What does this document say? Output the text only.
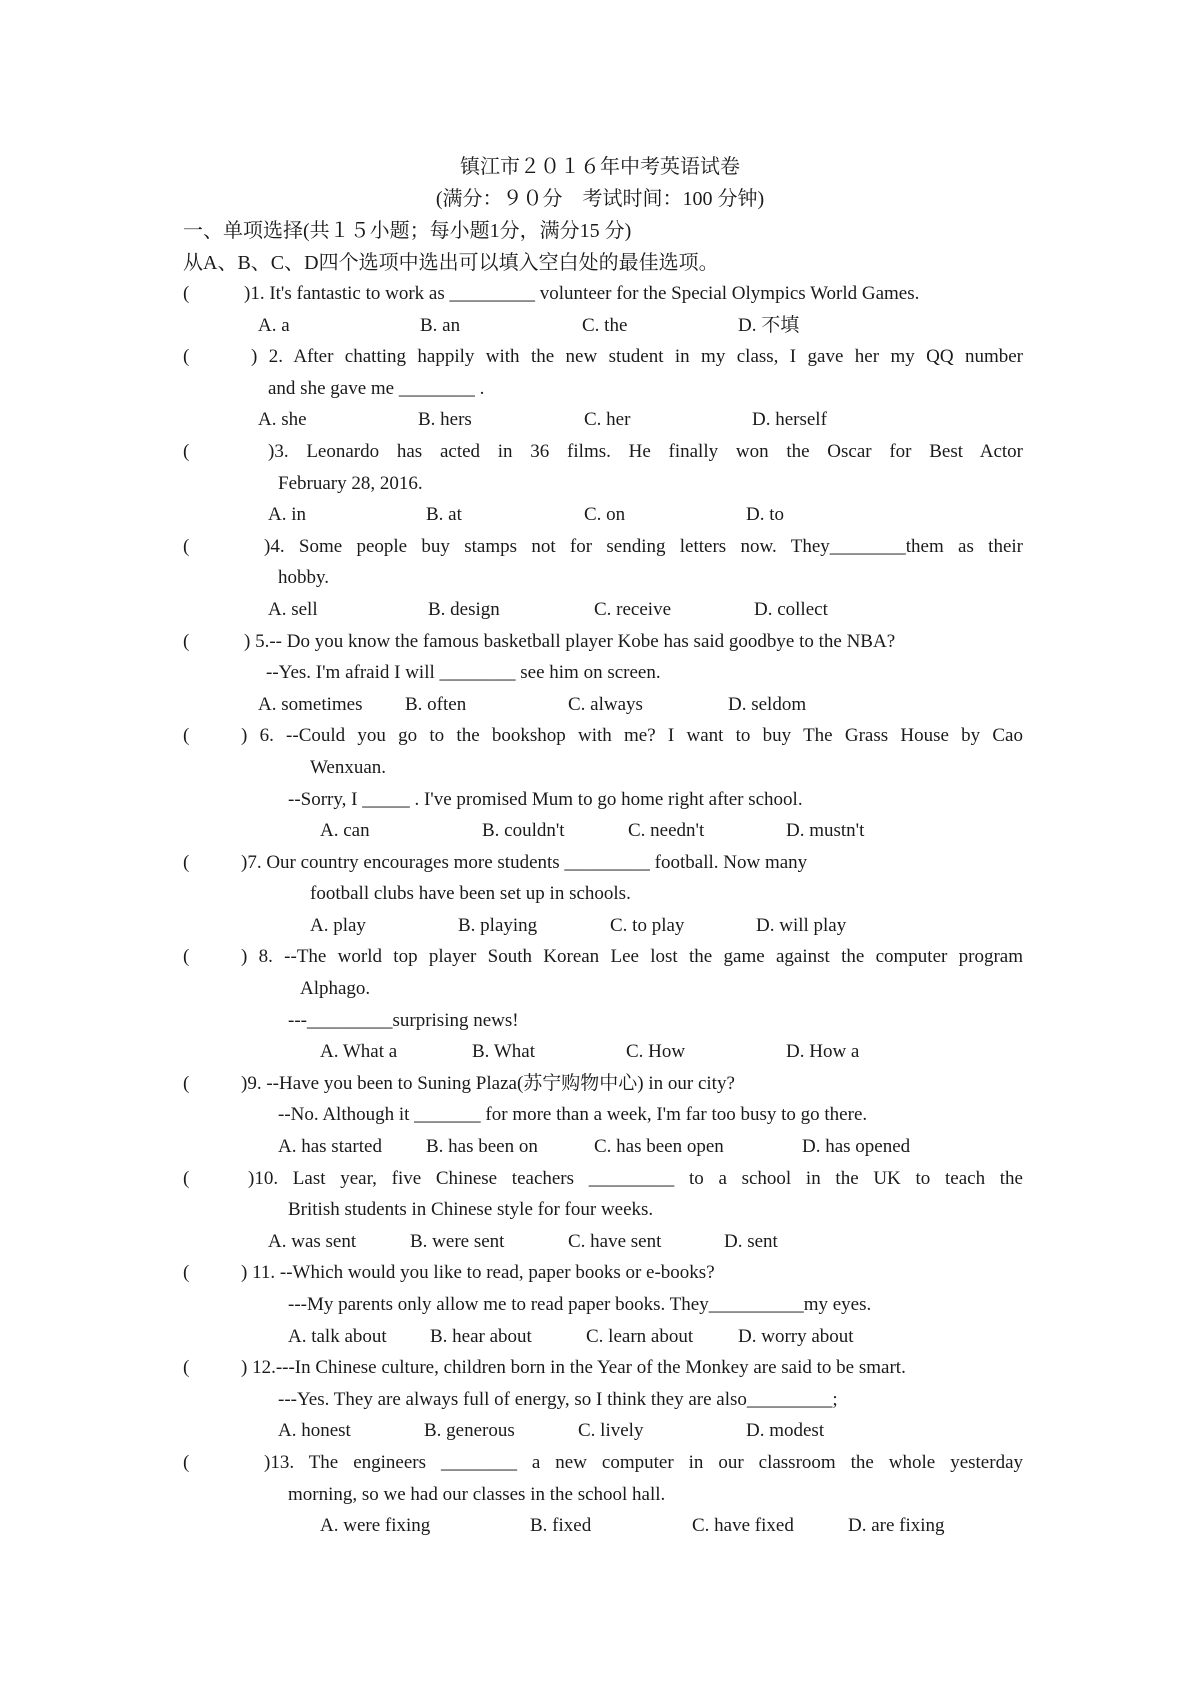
镇江市２０１６年中考英语试卷
(满分：９０分　考试时间：100 分钟)
一、单项选择(共１５小题；每小题1分，满分15 分)
从A、B、C、D四个选项中选出可以填入空白处的最佳选项。
(	)1. It's fantastic to work as _________ volunteer for the Special Olympics World Games.
A. a	B. an	C. the	D. 不填
(	) 2. After chatting happily with the new student in my class, I gave her my QQ number
and she gave me ________ .
A. she	B. hers	C. her	D. herself
(	)3. Leonardo has acted in 36 films. He finally won the Oscar for Best Actor
February 28, 2016.
A. in	B. at	C. on	D. to
(	)4. Some people buy stamps not for sending letters now. They________them as their
hobby.
A. sell	B. design	C. receive	D. collect
(	) 5.-- Do you know the famous basketball player Kobe has said goodbye to the NBA?
--Yes. I'm afraid I will ________ see him on screen.
A. sometimes B. often	C. always	D. seldom
(	) 6. --Could you go to the bookshop with me? I want to buy The Grass House by Cao
Wenxuan.
--Sorry, I _____ . I've promised Mum to go home right after school.
A. can	B. couldn't	C. needn't	D. mustn't
(	)7. Our country encourages more students _________ football. Now many
football clubs have been set up in schools.
A. play	B. playing	C. to play	D. will play
(	) 8. --The world top player South Korean Lee lost the game against the computer program
Alphago.
---_________surprising news!
A. What a	B. What	C. How	D. How a
(	)9. --Have you been to Suning Plaza(苏宁购物中心) in our city?
--No. Although it _______ for more than a week, I'm far too busy to go there.
A. has started B. has been on	C. has been open	D. has opened
(	)10. Last year, five Chinese teachers _________ to a school in the UK to teach the
British students in Chinese style for four weeks.
A. was sent	B. were sent	C. have sent	D. sent
(	) 11. --Which would you like to read, paper books or e-books?
---My parents only allow me to read paper books. They__________my eyes.
A. talk about B. hear about	C. learn about D. worry about
(	) 12.---In Chinese culture, children born in the Year of the Monkey are said to be smart.
---Yes. They are always full of energy, so I think they are also_________;
A. honest	B. generous	C. lively	D. modest
(	)13. The engineers ________ a new computer in our classroom the whole yesterday
morning, so we had our classes in the school hall.
A. were fixing	B. fixed	C. have fixed	D. are fixing
